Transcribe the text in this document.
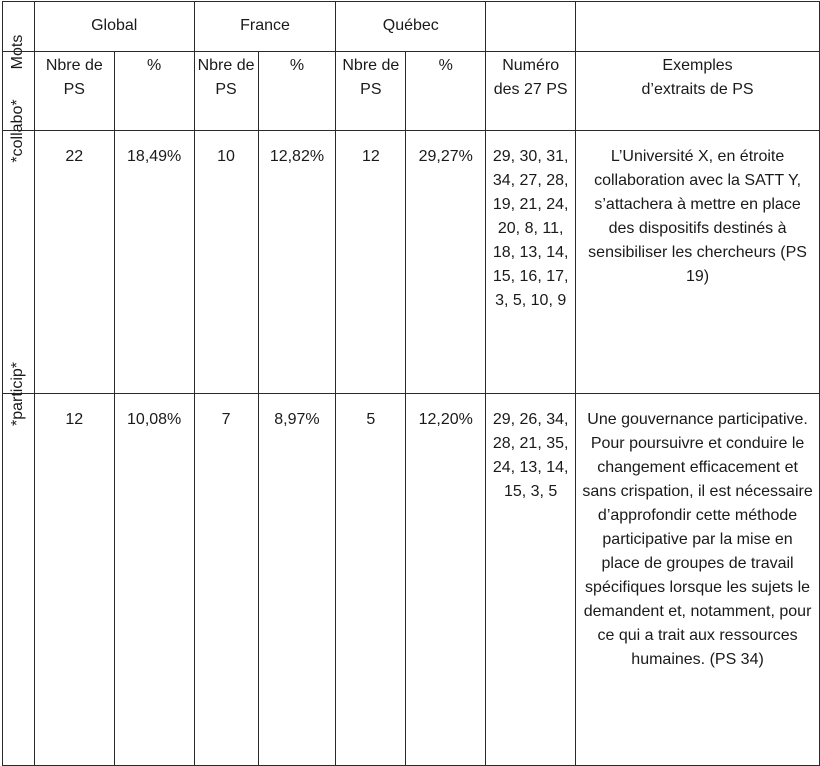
	Global		France		Québec			

Mots	Nbre de PS	%	Nbre de PS	%	Nbre de PS	%	Numéro des 27 PS	Exemples d’extraits de PS

*collabo*	22	18,49%	10	12,82%	12	29,27%	29, 30, 31, 34, 27, 28, 19, 21, 24, 20, 8, 11, 18, 13, 14, 15, 16, 17, 3, 5, 10, 9	L’Université X, en étroite collaboration avec la SATT Y, s’attachera à mettre en place des dispositifs destinés à sensibiliser les chercheurs (PS 19)

*particip*	12	10,08%	7	8,97%	5	12,20%	29, 26, 34, 28, 21, 35, 24, 13, 14, 15, 3, 5	Une gouvernance participative. Pour poursuivre et conduire le changement efficacement et sans crispation, il est nécessaire d’approfondir cette méthode participative par la mise en place de groupes de travail spécifiques lorsque les sujets le demandent et, notamment, pour ce qui a trait aux ressources humaines. (PS 34)
